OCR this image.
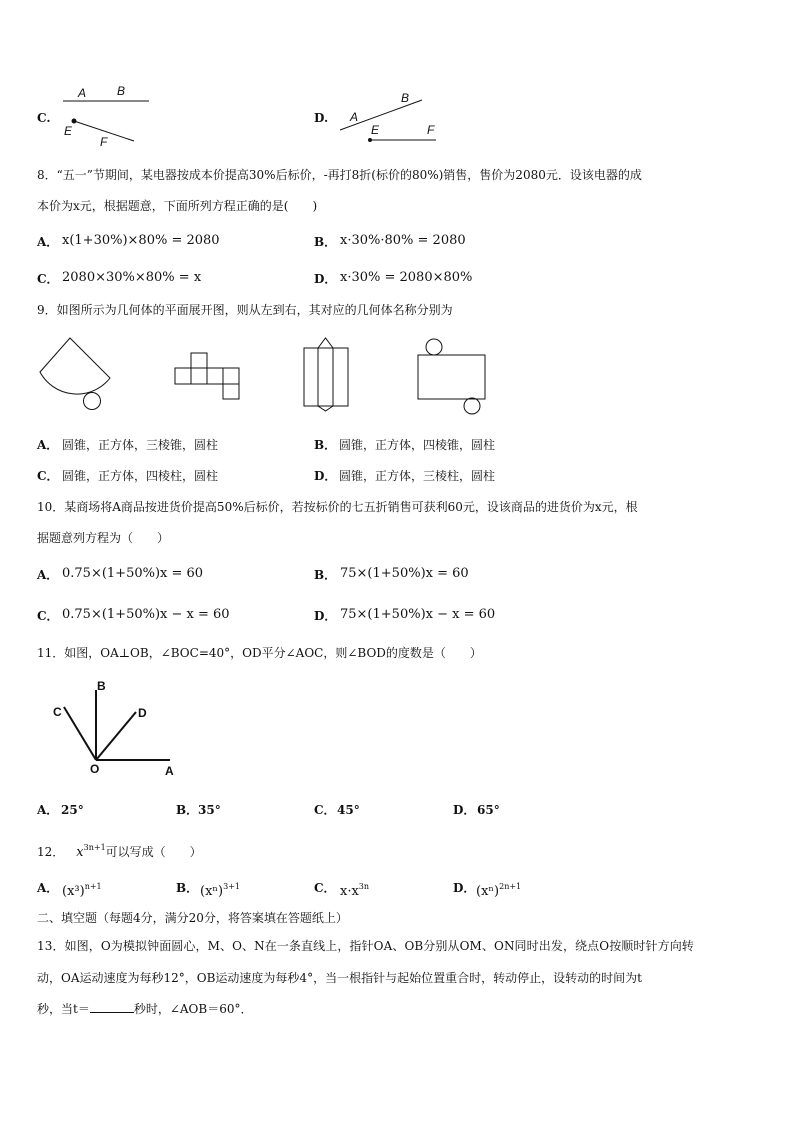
C.
A	B
E
F
D.
B
A
E	F
8．“五一”节期间，某电器按成本价提高30%后标价，-再打8折(标价的80%)销售，售价为2080元．设该电器的成
本价为x元，根据题意，下面所列方程正确的是(　　)
A． x(1+30%)×80% = 2080	B． x·30%·80% = 2080
C． 2080×30%×80% = x	D． x·30% = 2080×80%
9．如图所示为几何体的平面展开图，则从左到右，其对应的几何体名称分别为
A． 圆锥，正方体，三棱锥，圆柱	B． 圆锥，正方体，四棱锥，圆柱
C． 圆锥，正方体，四棱柱，圆柱	D． 圆锥，正方体，三棱柱，圆柱
10．某商场将A商品按进货价提高50%后标价，若按标价的七五折销售可获利60元，设该商品的进货价为x元，根
据题意列方程为（　　）
A． 0.75×(1+50%)x = 60	B． 75×(1+50%)x = 60
C． 0.75×(1+50%)x − x = 60	D． 75×(1+50%)x − x = 60
11．如图，OA⊥OB，∠BOC=40°，OD平分∠AOC，则∠BOD的度数是（　　）
B
C	D
O	A
A． 25°	B． 35°	C． 45°	D． 65°
12． $x^{3n+1}$可以写成（　　）
A． $(x^3)^{n+1}$	B． $(x^n)^{3+1}$	C． $x\cdot x^{3n}$	D． $(x^n)^{2n+1}$
二、填空题（每题4分，满分20分，将答案填在答题纸上）
13．如图，O为模拟钟面圆心，M、O、N在一条直线上，指针OA、OB分别从OM、ON同时出发，绕点O按顺时针方向转
动，OA运动速度为每秒12°，OB运动速度为每秒4°，当一根指针与起始位置重合时，转动停止，设转动的时间为t
秒，当t＝	秒时，∠AOB＝60°．
